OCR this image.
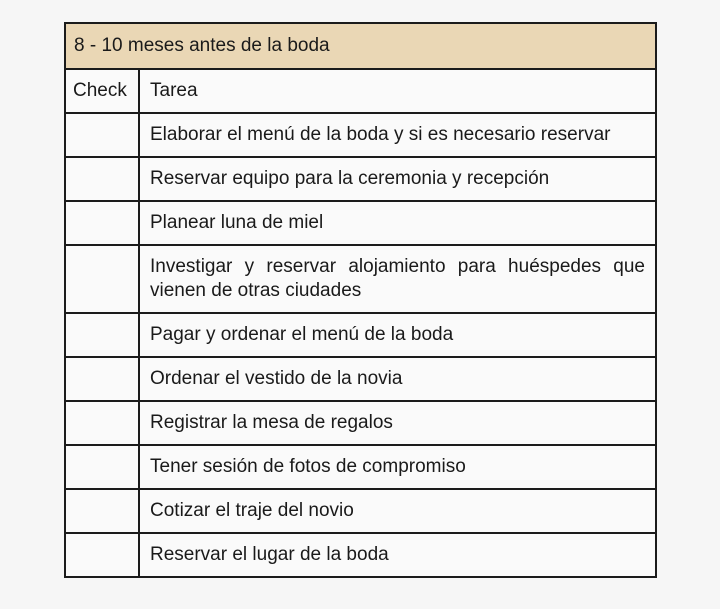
8 - 10 meses antes de la boda	
Check	Tarea
	Elaborar el menú de la boda y si es necesario reservar
	Reservar equipo para la ceremonia y recepción
	Planear luna de miel
	Investigar y reservar alojamiento para huéspedes que vienen de otras ciudades
	Pagar y ordenar el menú de la boda
	Ordenar el vestido de la novia
	Registrar la mesa de regalos
	Tener sesión de fotos de compromiso
	Cotizar el traje del novio
	Reservar el lugar de la boda
